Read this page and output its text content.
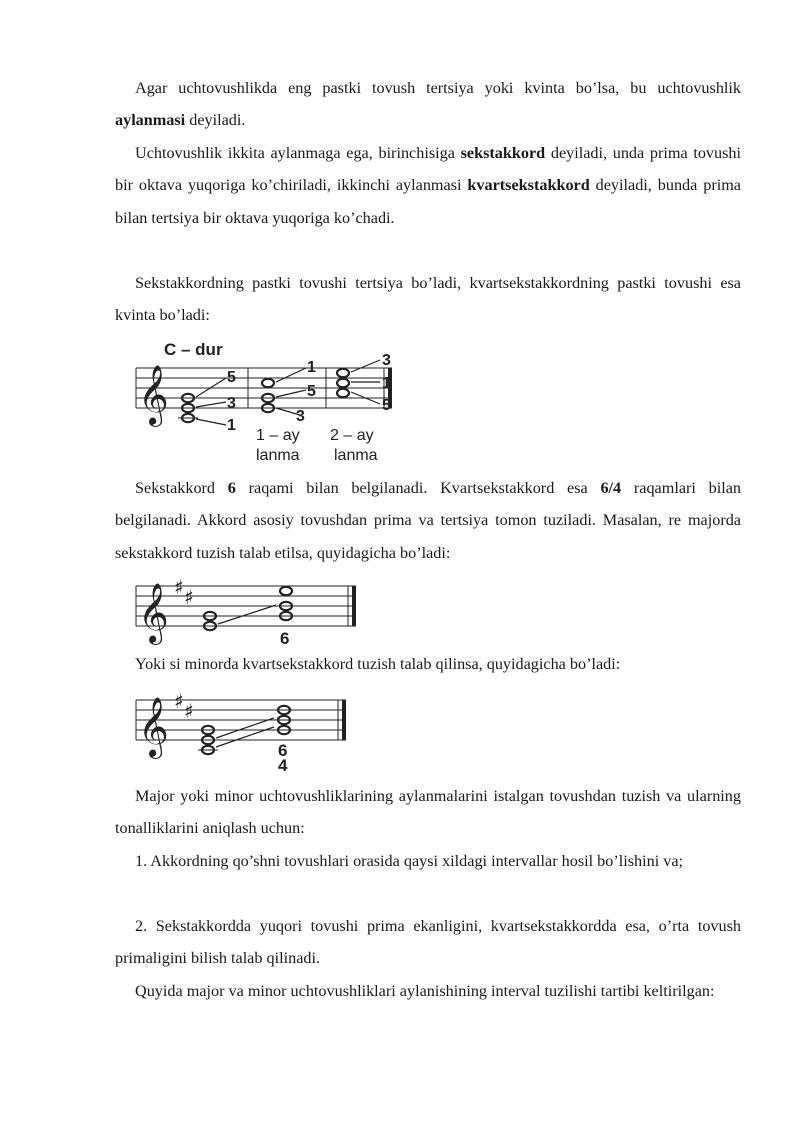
Agar uchtovushlikda eng pastki tovush tertsiya yoki kvinta bo’lsa, bu uchtovushlik aylanmasi deyiladi.

Uchtovushlik ikkita aylanmaga ega, birinchisiga sekstakkord deyiladi, unda prima tovushi bir oktava yuqoriga ko’chiriladi, ikkinchi aylanmasi kvartsekstakkord deyiladi, bunda prima bilan tertsiya bir oktava yuqoriga ko’chadi.

Sekstakkordning pastki tovushi tertsiya bo’ladi, kvartsekstakkordning pastki tovushi esa kvinta bo’ladi:

𝄞
C – dur
5
3
1
1
5
3
3
1
5
1 – ay
lanma
2 – ay
lanma

Sekstakkord 6 raqami bilan belgilanadi. Kvartsekstakkord esa 6/4 raqamlari bilan belgilanadi. Akkord asosiy tovushdan prima va tertsiya tomon tuziladi. Masalan, re majorda sekstakkord tuzish talab etilsa, quyidagicha bo’ladi:

𝄞 ♯ ♯
6

Yoki si minorda kvartsekstakkord tuzish talab qilinsa, quyidagicha bo’ladi:

𝄞 ♯ ♯
6
4

Major yoki minor uchtovushliklarining aylanmalarini istalgan tovushdan tuzish va ularning tonalliklarini aniqlash uchun:

1. Akkordning qo’shni tovushlari orasida qaysi xildagi intervallar hosil bo’lishini va;

2. Sekstakkordda yuqori tovushi prima ekanligini, kvartsekstakkordda esa, o’rta tovush primaligini bilish talab qilinadi.

Quyida major va minor uchtovushliklari aylanishining interval tuzilishi tartibi keltirilgan:
